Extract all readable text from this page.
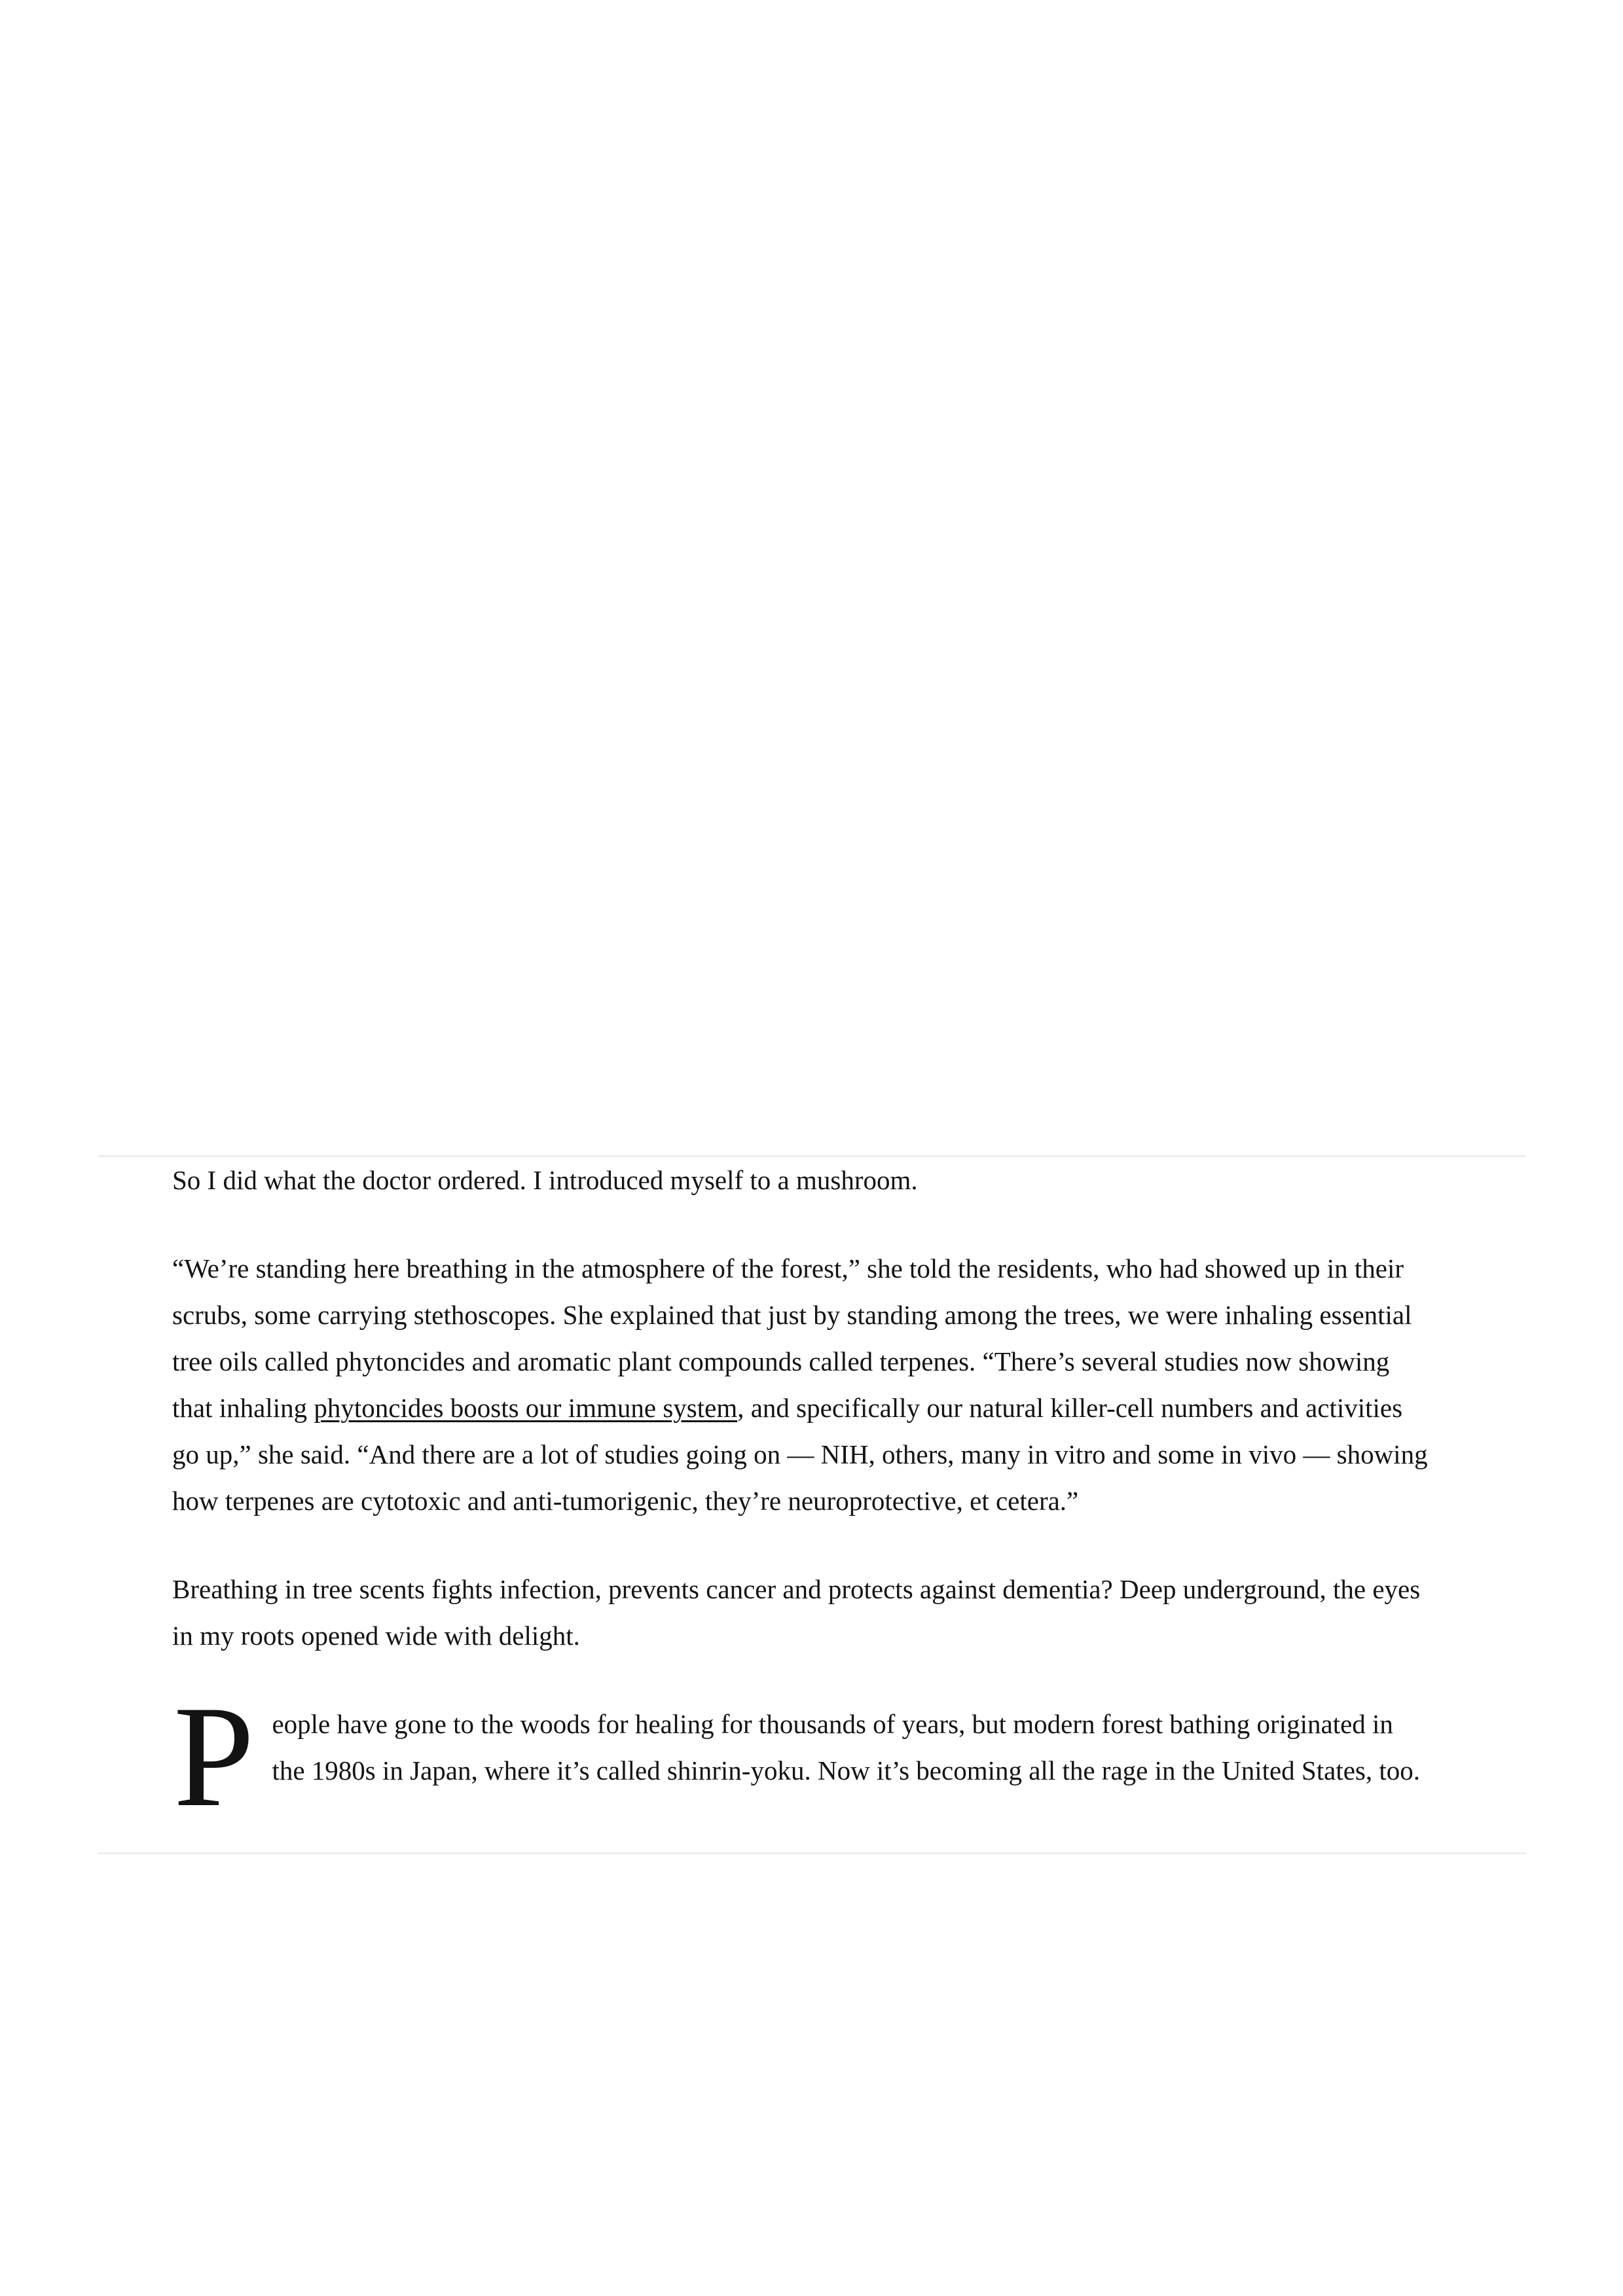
So I did what the doctor ordered. I introduced myself to a mushroom.

“We’re standing here breathing in the atmosphere of the forest,” she told the residents, who had showed up in their scrubs, some carrying stethoscopes. She explained that just by standing among the trees, we were inhaling essential tree oils called phytoncides and aromatic plant compounds called terpenes. “There’s several studies now showing that inhaling phytoncides boosts our immune system, and specifically our natural killer-cell numbers and activities go up,” she said. “And there are a lot of studies going on — NIH, others, many in vitro and some in vivo — showing how terpenes are cytotoxic and anti-tumorigenic, they’re neuroprotective, et cetera.”

Breathing in tree scents fights infection, prevents cancer and protects against dementia? Deep underground, the eyes in my roots opened wide with delight.

People have gone to the woods for healing for thousands of years, but modern forest bathing originated in the 1980s in Japan, where it’s called shinrin-yoku. Now it’s becoming all the rage in the United States, too.
